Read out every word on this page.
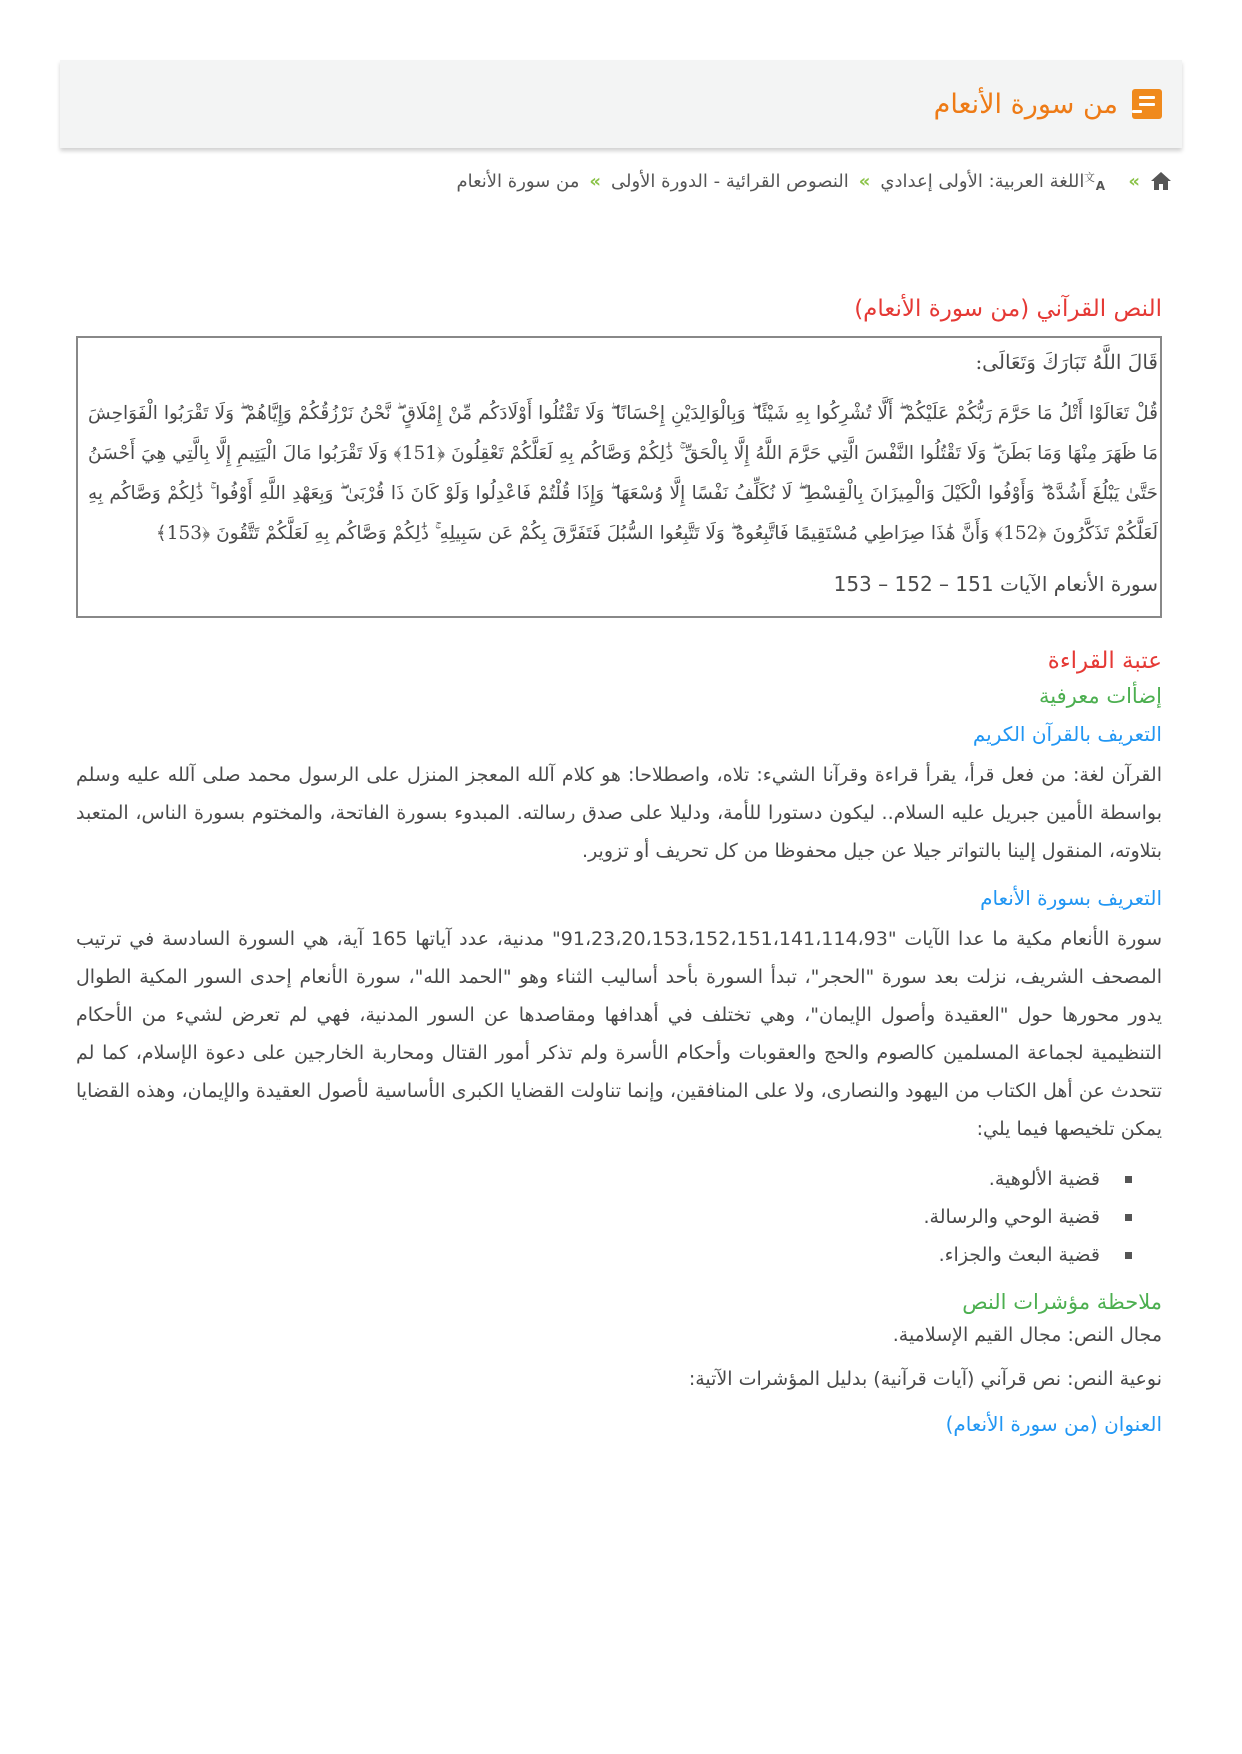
من سورة الأنعام
»
文
A
اللغة العربية: الأولى إعدادي
»
النصوص القرائية - الدورة الأولى
»
من سورة الأنعام
النص القرآني (من سورة الأنعام)

قَالَ اللَّهُ تَبَارَكَ وَتَعَالَى:

قُلْ تَعَالَوْا أَتْلُ مَا حَرَّمَ رَبُّكُمْ عَلَيْكُمْ ۖ أَلَّا تُشْرِكُوا بِهِ شَيْئًا ۖ وَبِالْوَالِدَيْنِ إِحْسَانًا ۖ وَلَا تَقْتُلُوا أَوْلَادَكُم مِّنْ إِمْلَاقٍ ۖ نَّحْنُ نَرْزُقُكُمْ وَإِيَّاهُمْ ۖ وَلَا تَقْرَبُوا الْفَوَاحِشَ مَا ظَهَرَ مِنْهَا وَمَا بَطَنَ ۖ وَلَا تَقْتُلُوا النَّفْسَ الَّتِي حَرَّمَ اللَّهُ إِلَّا بِالْحَقِّ ۚ ذَٰلِكُمْ وَصَّاكُم بِهِ لَعَلَّكُمْ تَعْقِلُونَ ﴿151﴾ وَلَا تَقْرَبُوا مَالَ الْيَتِيمِ إِلَّا بِالَّتِي هِيَ أَحْسَنُ حَتَّىٰ يَبْلُغَ أَشُدَّهُ ۖ وَأَوْفُوا الْكَيْلَ وَالْمِيزَانَ بِالْقِسْطِ ۖ لَا نُكَلِّفُ نَفْسًا إِلَّا وُسْعَهَا ۖ وَإِذَا قُلْتُمْ فَاعْدِلُوا وَلَوْ كَانَ ذَا قُرْبَىٰ ۖ وَبِعَهْدِ اللَّهِ أَوْفُوا ۚ ذَٰلِكُمْ وَصَّاكُم بِهِ لَعَلَّكُمْ تَذَكَّرُونَ ﴿152﴾ وَأَنَّ هَٰذَا صِرَاطِي مُسْتَقِيمًا فَاتَّبِعُوهُ ۖ وَلَا تَتَّبِعُوا السُّبُلَ فَتَفَرَّقَ بِكُمْ عَن سَبِيلِهِ ۚ ذَٰلِكُمْ وَصَّاكُم بِهِ لَعَلَّكُمْ تَتَّقُونَ ﴿153﴾

سورة الأنعام الآيات 151 – 152 – 153

عتبة القراءة
إضأات معرفية
التعريف بالقرآن الكريم

القرآن لغة: من فعل قرأ، يقرأ قراءة وقرآنا الشيء: تلاه، واصطلاحا: هو كلام آلله المعجز المنزل على الرسول محمد صلى آلله عليه وسلم بواسطة الأمين جبريل عليه السلام.. ليكون دستورا للأمة، ودليلا على صدق رسالته. المبدوء بسورة الفاتحة، والمختوم بسورة الناس، المتعبد بتلاوته، المنقول إلينا بالتواتر جيلا عن جيل محفوظا من كل تحريف أو تزوير.

التعريف بسورة الأنعام

سورة الأنعام مكية ما عدا الآيات "91،23،20،153،152،151،141،114،93" مدنية، عدد آياتها 165 آية، هي السورة السادسة في ترتيب المصحف الشريف، نزلت بعد سورة "الحجر"، تبدأ السورة بأحد أساليب الثناء وهو "الحمد الله"، سورة الأنعام إحدى السور المكية الطوال يدور محورها حول "العقيدة وأصول الإيمان"، وهي تختلف في أهدافها ومقاصدها عن السور المدنية، فهي لم تعرض لشيء من الأحكام التنظيمية لجماعة المسلمين كالصوم والحج والعقوبات وأحكام الأسرة ولم تذكر أمور القتال ومحاربة الخارجين على دعوة الإسلام، كما لم تتحدث عن أهل الكتاب من اليهود والنصارى، ولا على المنافقين، وإنما تناولت القضايا الكبرى الأساسية لأصول العقيدة والإيمان، وهذه القضايا يمكن تلخيصها فيما يلي:

قضية الألوهية.
قضية الوحي والرسالة.
قضية البعث والجزاء.
ملاحظة مؤشرات النص

مجال النص: مجال القيم الإسلامية.

نوعية النص: نص قرآني (آيات قرآنية) بدليل المؤشرات الآتية:

العنوان (من سورة الأنعام)
